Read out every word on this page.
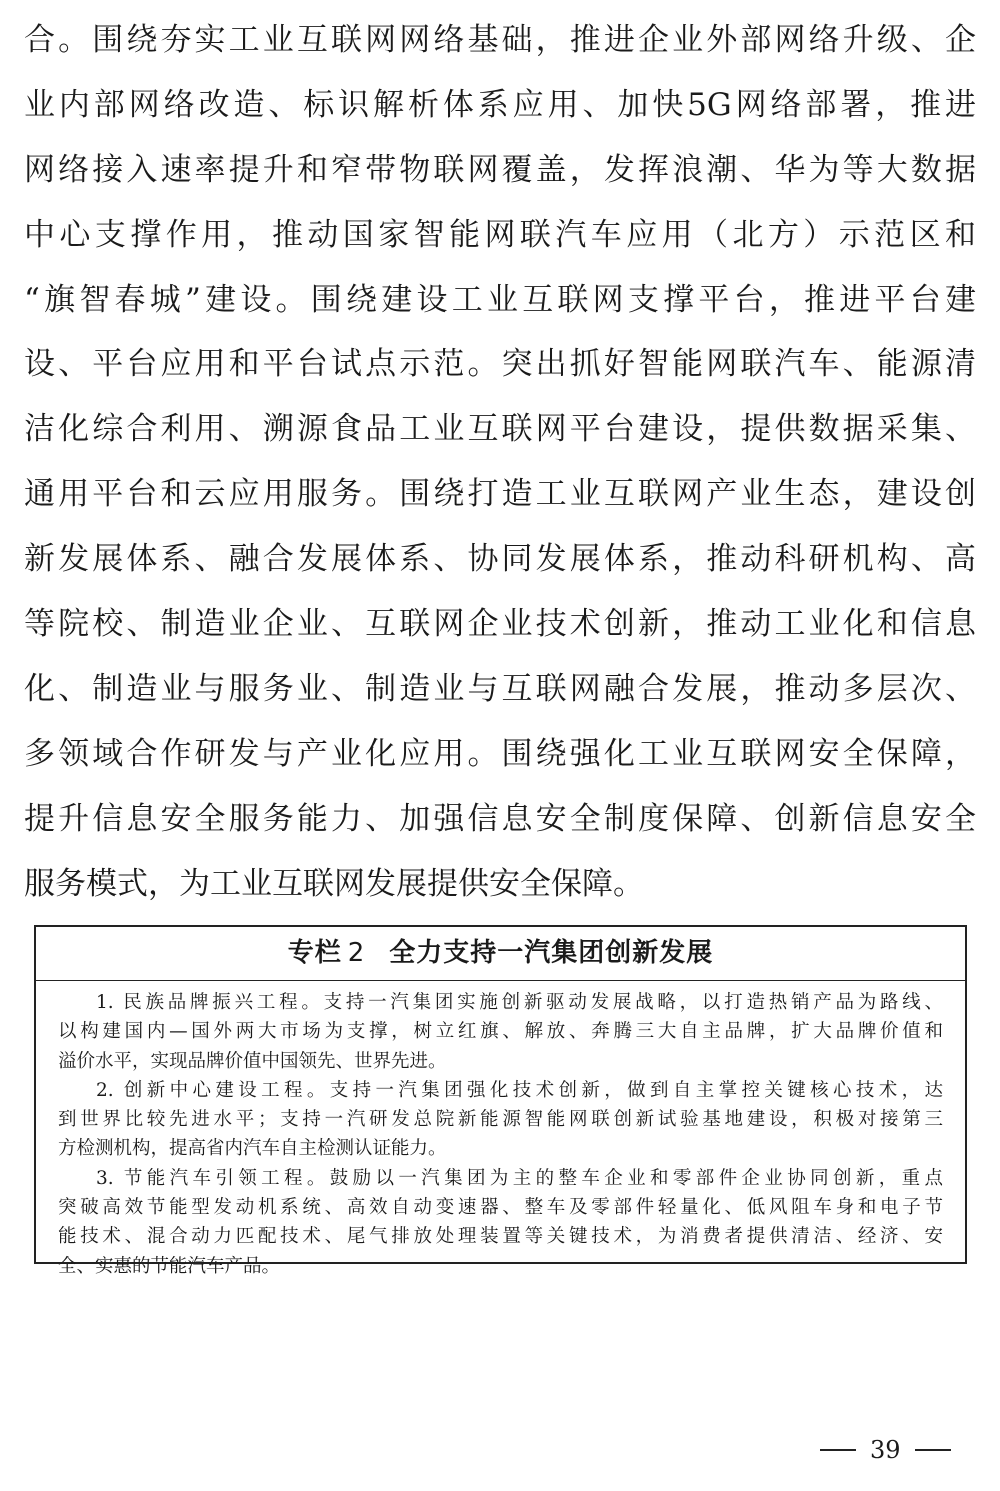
合。围绕夯实工业互联网网络基础，推进企业外部网络升级、企
业内部网络改造、标识解析体系应用、加快5G网络部署，推进
网络接入速率提升和窄带物联网覆盖，发挥浪潮、华为等大数据
中心支撑作用，推动国家智能网联汽车应用（北方）示范区和
“旗智春城”建设。围绕建设工业互联网支撑平台，推进平台建
设、平台应用和平台试点示范。突出抓好智能网联汽车、能源清
洁化综合利用、溯源食品工业互联网平台建设，提供数据采集、
通用平台和云应用服务。围绕打造工业互联网产业生态，建设创
新发展体系、融合发展体系、协同发展体系，推动科研机构、高
等院校、制造业企业、互联网企业技术创新，推动工业化和信息
化、制造业与服务业、制造业与互联网融合发展，推动多层次、
多领域合作研发与产业化应用。围绕强化工业互联网安全保障，
提升信息安全服务能力、加强信息安全制度保障、创新信息安全
服务模式，为工业互联网发展提供安全保障。
专栏 2 全力支持一汽集团创新发展
1. 民族品牌振兴工程。支持一汽集团实施创新驱动发展战略，以打造热销产品为路线、
以构建国内—国外两大市场为支撑，树立红旗、解放、奔腾三大自主品牌，扩大品牌价值和
溢价水平，实现品牌价值中国领先、世界先进。
2. 创新中心建设工程。支持一汽集团强化技术创新，做到自主掌控关键核心技术，达
到世界比较先进水平；支持一汽研发总院新能源智能网联创新试验基地建设，积极对接第三
方检测机构，提高省内汽车自主检测认证能力。
3. 节能汽车引领工程。鼓励以一汽集团为主的整车企业和零部件企业协同创新，重点
突破高效节能型发动机系统、高效自动变速器、整车及零部件轻量化、低风阻车身和电子节
能技术、混合动力匹配技术、尾气排放处理装置等关键技术，为消费者提供清洁、经济、安
全、实惠的节能汽车产品。
39
